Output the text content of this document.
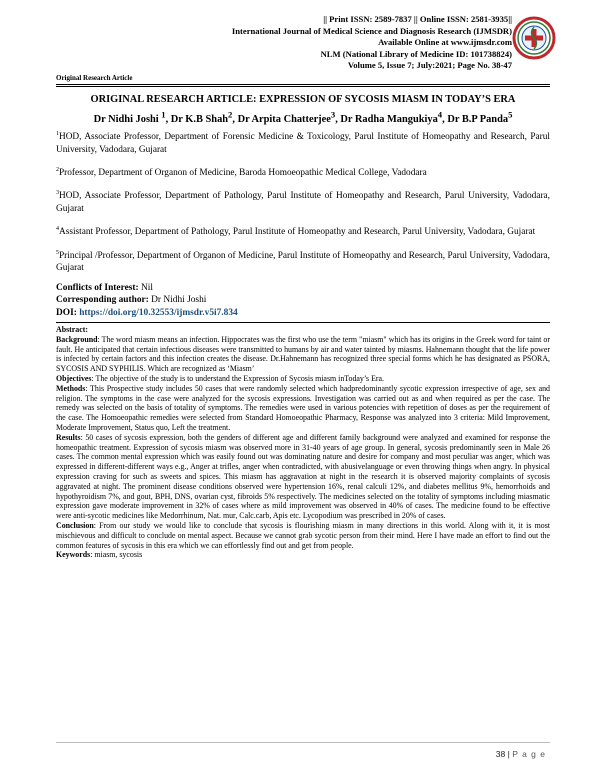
|| Print ISSN: 2589-7837 || Online ISSN: 2581-3935||
International Journal of Medical Science and Diagnosis Research (IJMSDR)
Available Online at www.ijmsdr.com
NLM (National Library of Medicine ID: 101738824)
Volume 5, Issue 7; July:2021; Page No. 38-47
Original Research Article
ORIGINAL RESEARCH ARTICLE: EXPRESSION OF SYCOSIS MIASM IN TODAY’S ERA
Dr Nidhi Joshi $^1$, Dr K.B Shah$^2$, Dr Arpita Chatterjee$^3$, Dr Radha Mangukiya$^4$, Dr B.P Panda$^5$

$^1$HOD, Associate Professor, Department of Forensic Medicine & Toxicology, Parul Institute of Homeopathy and Research, Parul University, Vadodara, Gujarat

$^2$Professor, Department of Organon of Medicine, Baroda Homoeopathic Medical College, Vadodara

$^3$HOD, Associate Professor, Department of Pathology, Parul Institute of Homeopathy and Research, Parul University, Vadodara, Gujarat

$^4$Assistant Professor, Department of Pathology, Parul Institute of Homeopathy and Research, Parul University, Vadodara, Gujarat

$^5$Principal /Professor, Department of Organon of Medicine, Parul Institute of Homeopathy and Research, Parul University, Vadodara, Gujarat

Conflicts of Interest: Nil
Corresponding author: Dr Nidhi Joshi
DOI: https://doi.org/10.32553/ijmsdr.v5i7.834

Abstract:

Background: The word miasm means an infection. Hippocrates was the first who use the term "miasm" which has its origins in the Greek word for taint or fault. He anticipated that certain infectious diseases were transmitted to humans by air and water tainted by miasms. Hahnemann thought that the life power is infected by certain factors and this infection creates the disease. Dr.Hahnemann has recognized three special forms which he has designated as PSORA, SYCOSIS AND SYPHILIS. Which are recognized as ‘Miasm’

Objectives: The objective of the study is to understand the Expression of Sycosis miasm inToday’s Era.

Methods: This Prospective study includes 50 cases that were randomly selected which hadpredominantly sycotic expression irrespective of age, sex and religion. The symptoms in the case were analyzed for the sycosis expressions. Investigation was carried out as and when required as per the case. The remedy was selected on the basis of totality of symptoms. The remedies were used in various potencies with repetition of doses as per the requirement of the case. The Homoeopathic remedies were selected from Standard Homoeopathic Pharmacy, Response was analyzed into 3 criteria: Mild Improvement, Moderate Improvement, Status quo, Left the treatment.

Results: 50 cases of sycosis expression, both the genders of different age and different family background were analyzed and examined for response the homeopathic treatment. Expression of sycosis miasm was observed more in 31-40 years of age group. In general, sycosis predominantly seen in Male 26 cases. The common mental expression which was easily found out was dominating nature and desire for company and most peculiar was anger, which was expressed in different-different ways e.g., Anger at trifles, anger when contradicted, with abusivelanguage or even throwing things when angry. In physical expression craving for such as sweets and spices. This miasm has aggravation at night in the research it is observed majority complaints of sycosis aggravated at night. The prominent disease conditions observed were hypertension 16%, renal calculi 12%, and diabetes mellitus 9%, hemorrhoids and hypothyroidism 7%, and gout, BPH, DNS, ovarian cyst, fibroids 5% respectively. The medicines selected on the totality of symptoms including miasmatic expression gave moderate improvement in 32% of cases where as mild improvement was observed in 40% of cases. The medicine found to be effective were anti-sycotic medicines like Medorrhinum, Nat. mur, Calc.carb, Apis etc. Lycopodium was prescribed in 20% of cases.

Conclusion: From our study we would like to conclude that sycosis is flourishing miasm in many directions in this world. Along with it, it is most mischievous and difficult to conclude on mental aspect. Because we cannot grab sycotic person from their mind. Here I have made an effort to find out the common features of sycosis in this era which we can effortlessly find out and get from people.

Keywords: miasm, sycosis

38 | P a g e
